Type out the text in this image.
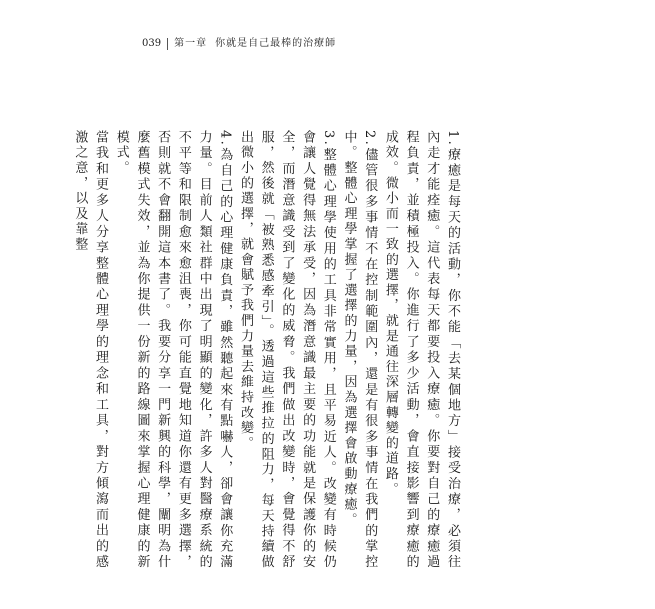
039 第一章 你就是自己最棒的治療師

1.療癒是每天的活動，你不能「去某個地方」接受治療，必須往內走才能痊癒。這代表每天都要投入療癒。你要對自己的療癒過程負責，並積極投入。你進行了多少活動，會直接影響到療癒的成效。微小而一致的選擇，就是通往深層轉變的道路。

2.儘管很多事情不在控制範圍內，還是有很多事情在我們的掌控中。整體心理學掌握了選擇的力量，因為選擇會啟動療癒。

3.整體心理學使用的工具非常實用，且平易近人。改變有時候仍會讓人覺得無法承受，因為潛意識最主要的功能就是保護你的安全，而潛意識受到了變化的威脅。我們做出改變時，會覺得不舒服，然後就「被熟悉感牽引」。透過這些推拉的阻力，每天持續做出微小的選擇，就會賦予我們力量去維持改變。

4.為自己的心理健康負責，雖然聽起來有點嚇人，卻會讓你充滿力量。目前人類社群中出現了明顯的變化，許多人對醫療系統的不平等和限制愈來愈沮喪，你可能直覺地知道你還有更多選擇，否則就不會翻開這本書了。我要分享一門新興的科學，闡明為什麼舊模式失效，並為你提供一份新的路線圖來掌握心理健康的新模式。

當我和更多人分享整體心理學的理念和工具，對方傾瀉而出的感激之意，以及靠整
